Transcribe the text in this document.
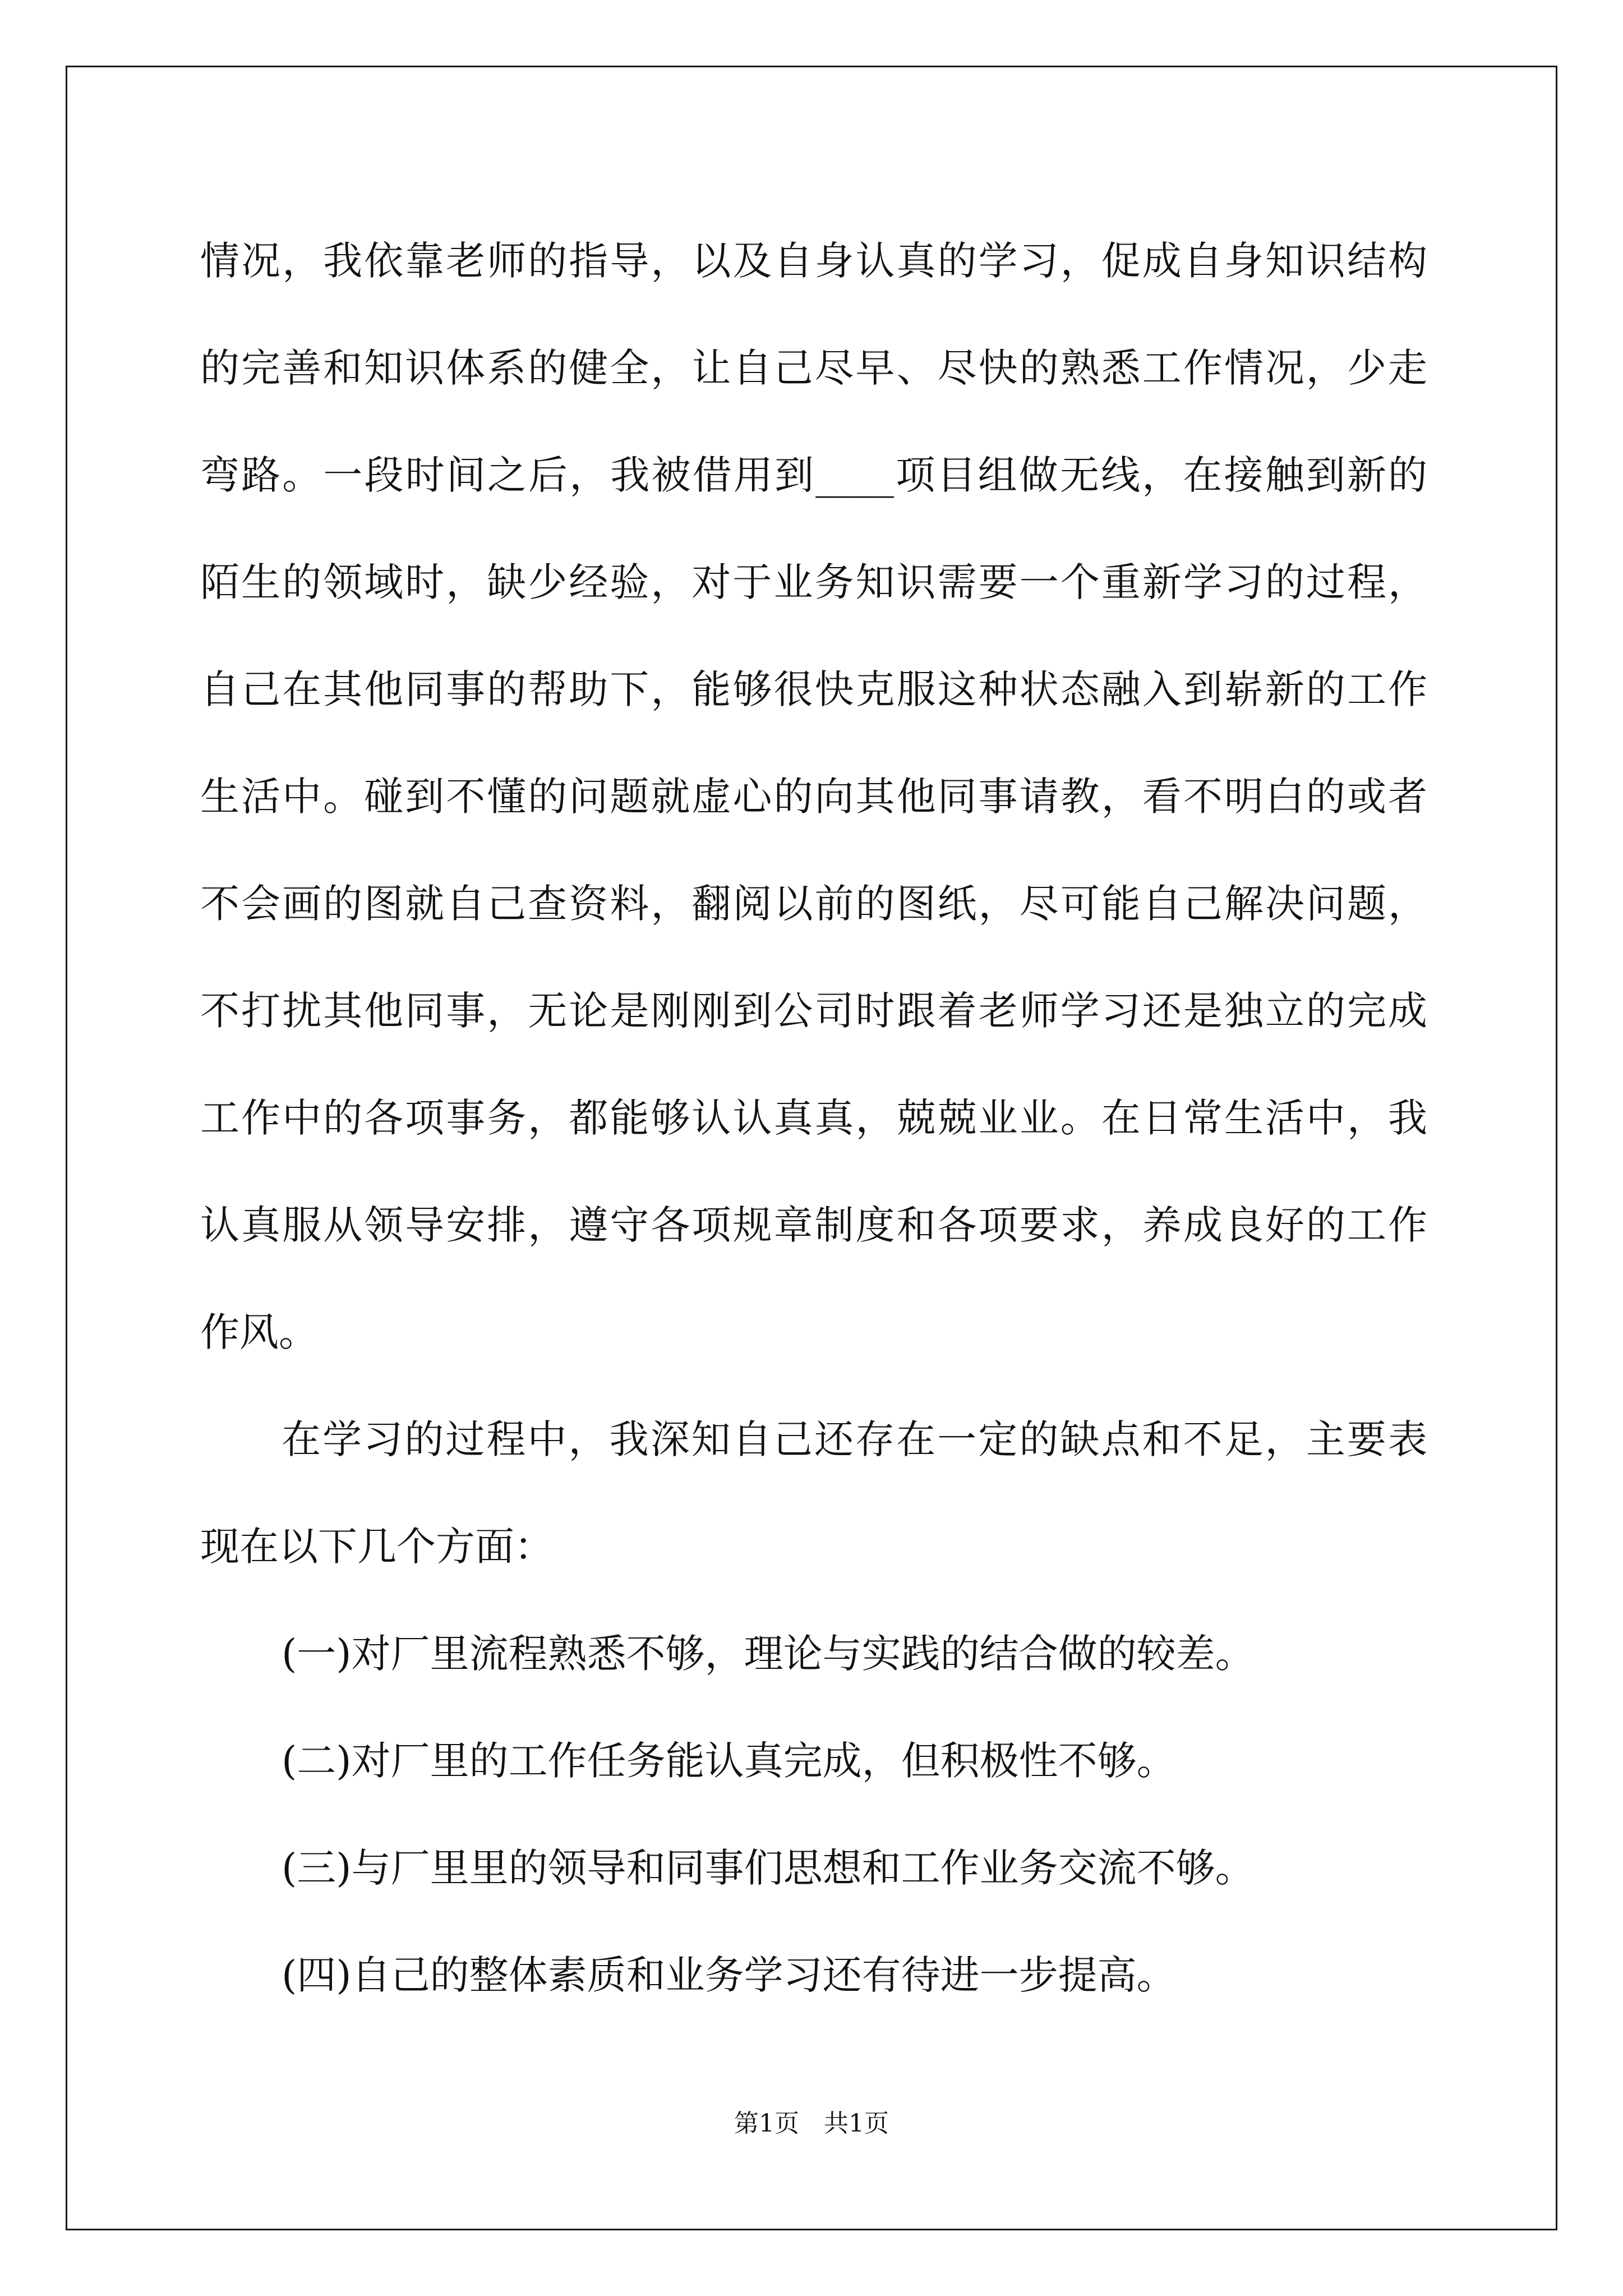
情况，我依靠老师的指导，以及自身认真的学习，促成自身知识结构
的完善和知识体系的健全，让自己尽早、尽快的熟悉工作情况，少走
弯路。一段时间之后，我被借用到____项目组做无线，在接触到新的
陌生的领域时，缺少经验，对于业务知识需要一个重新学习的过程，
自己在其他同事的帮助下，能够很快克服这种状态融入到崭新的工作
生活中。碰到不懂的问题就虚心的向其他同事请教，看不明白的或者
不会画的图就自己查资料，翻阅以前的图纸，尽可能自己解决问题，
不打扰其他同事，无论是刚刚到公司时跟着老师学习还是独立的完成
工作中的各项事务，都能够认认真真，兢兢业业。在日常生活中，我
认真服从领导安排，遵守各项规章制度和各项要求，养成良好的工作
作风。
在学习的过程中，我深知自己还存在一定的缺点和不足，主要表
现在以下几个方面：
(一)对厂里流程熟悉不够，理论与实践的结合做的较差。
(二)对厂里的工作任务能认真完成，但积极性不够。
(三)与厂里里的领导和同事们思想和工作业务交流不够。
(四)自己的整体素质和业务学习还有待进一步提高。
第1页 共1页
